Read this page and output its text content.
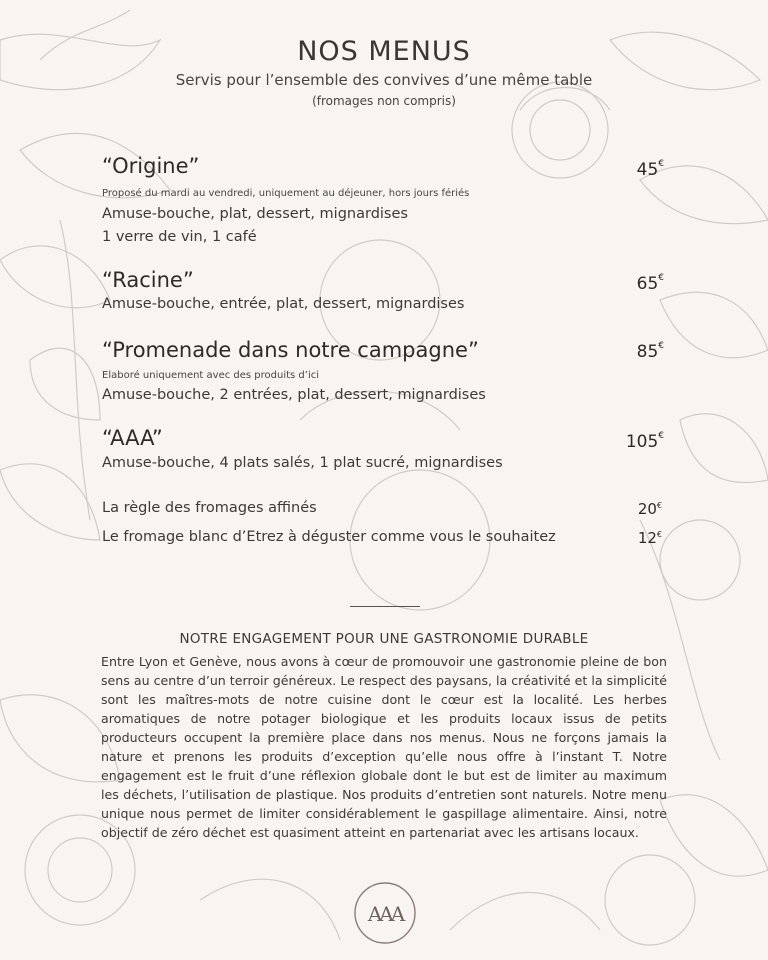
NOS MENUS
Servis pour l’ensemble des convives d’une même table
(fromages non compris)
“Origine”	45€
Proposé du mardi au vendredi, uniquement au déjeuner, hors jours fériés
Amuse-bouche, plat, dessert, mignardises
1 verre de vin, 1 café
“Racine”	65€
Amuse-bouche, entrée, plat, dessert, mignardises
“Promenade dans notre campagne”	85€
Elaboré uniquement avec des produits d’ici
Amuse-bouche, 2 entrées, plat, dessert, mignardises
“AAA”	105€
Amuse-bouche, 4 plats salés, 1 plat sucré, mignardises
La règle des fromages affinés	20€
Le fromage blanc d’Etrez à déguster comme vous le souhaitez	12€
NOTRE ENGAGEMENT POUR UNE GASTRONOMIE DURABLE
Entre Lyon et Genève, nous avons à cœur de promouvoir une gastronomie pleine de bon sens au centre d’un terroir généreux. Le respect des paysans, la créativité et la simplicité sont les maîtres-mots de notre cuisine dont le cœur est la localité. Les herbes aromatiques de notre potager biologique et les produits locaux issus de petits producteurs occupent la première place dans nos menus. Nous ne forçons jamais la nature et prenons les produits d’exception qu’elle nous offre à l’instant T. Notre engagement est le fruit d’une réflexion globale dont le but est de limiter au maximum les déchets, l’utilisation de plastique. Nos produits d’entretien sont naturels. Notre menu unique nous permet de limiter considérablement le gaspillage alimentaire. Ainsi, notre objectif de zéro déchet est quasiment atteint en partenariat avec les artisans locaux.
AAA
